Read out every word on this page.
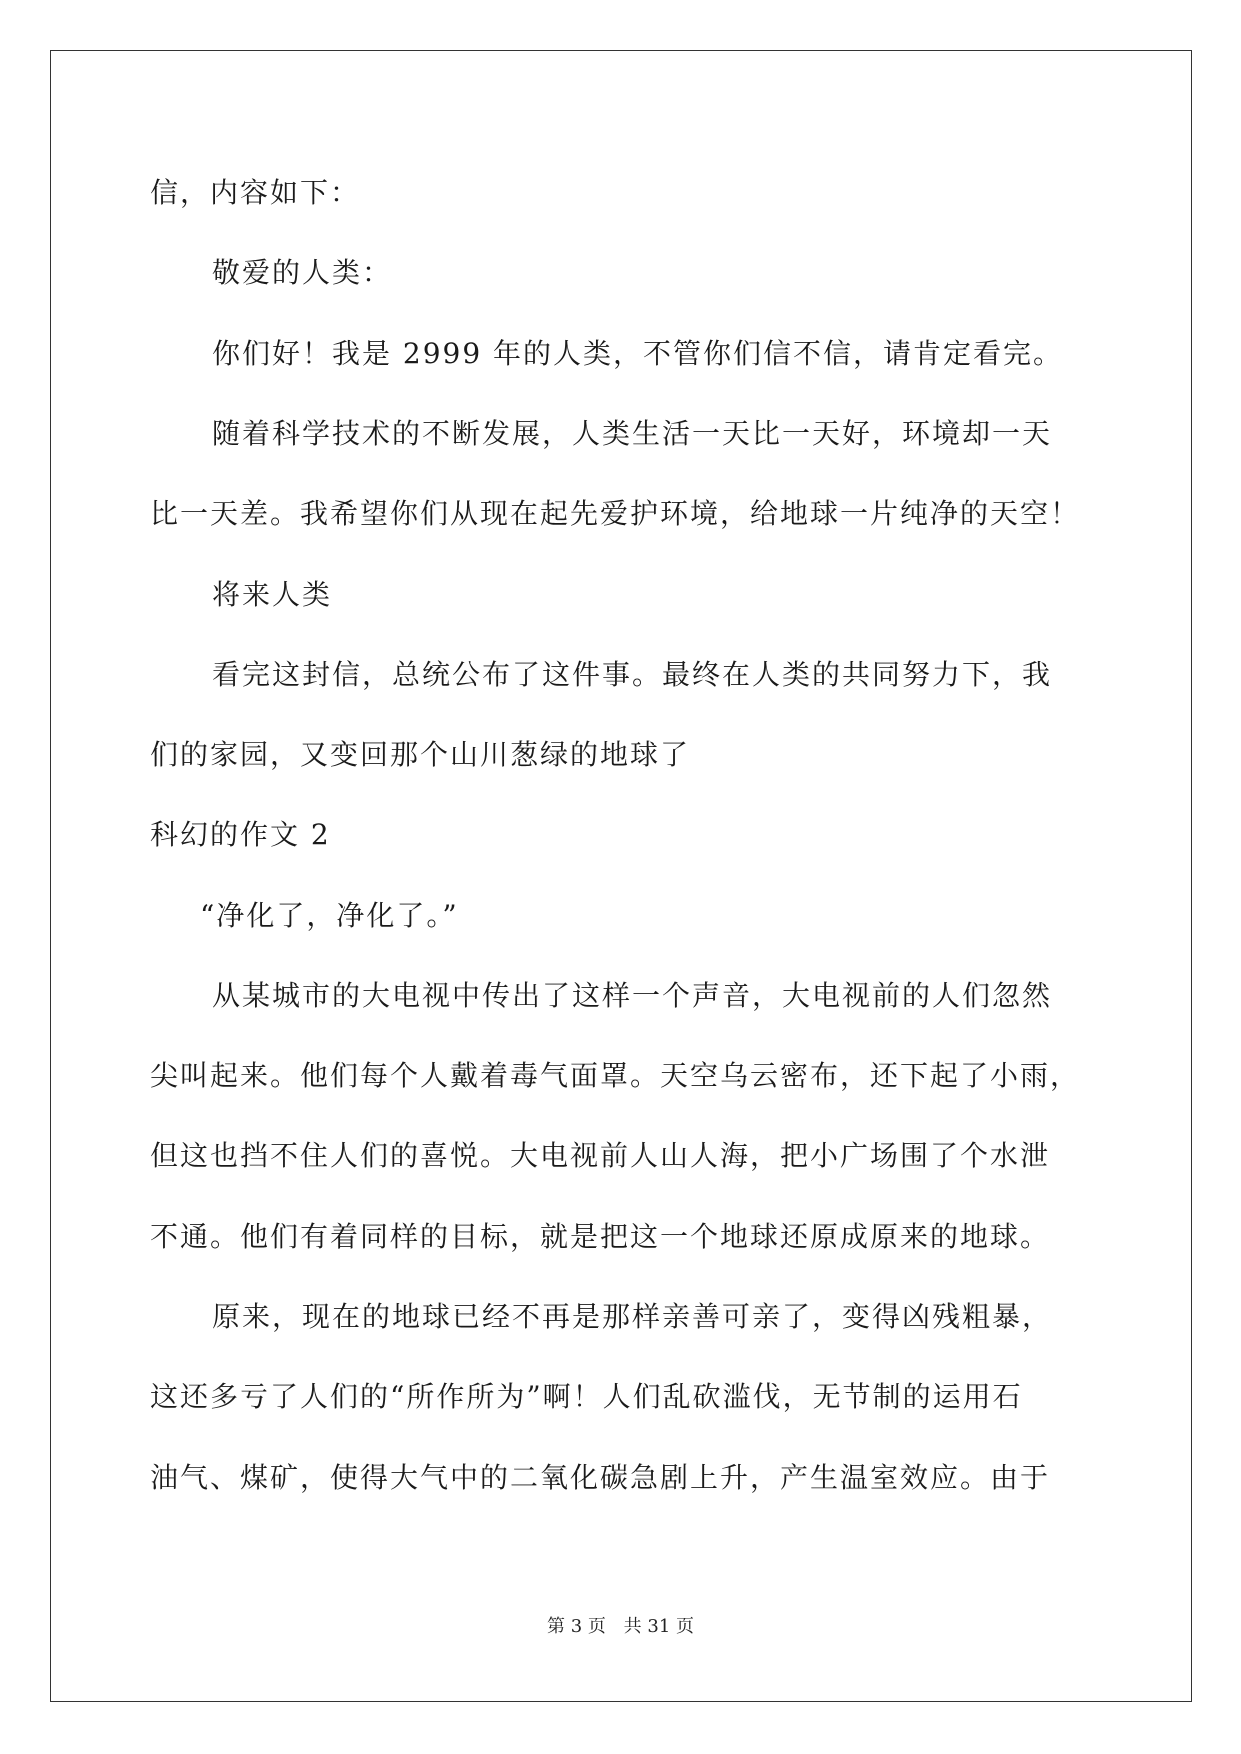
信，内容如下：
敬爱的人类：
你们好！我是 2999 年的人类，不管你们信不信，请肯定看完。
随着科学技术的不断发展，人类生活一天比一天好，环境却一天
比一天差。我希望你们从现在起先爱护环境，给地球一片纯净的天空！
将来人类
看完这封信，总统公布了这件事。最终在人类的共同努力下，我
们的家园，又变回那个山川葱绿的地球了
科幻的作文 2
“净化了，净化了。”
从某城市的大电视中传出了这样一个声音，大电视前的人们忽然
尖叫起来。他们每个人戴着毒气面罩。天空乌云密布，还下起了小雨，
但这也挡不住人们的喜悦。大电视前人山人海，把小广场围了个水泄
不通。他们有着同样的目标，就是把这一个地球还原成原来的地球。
原来，现在的地球已经不再是那样亲善可亲了，变得凶残粗暴，
这还多亏了人们的“所作所为”啊！人们乱砍滥伐，无节制的运用石
油气、煤矿，使得大气中的二氧化碳急剧上升，产生温室效应。由于
第 3 页 共 31 页
